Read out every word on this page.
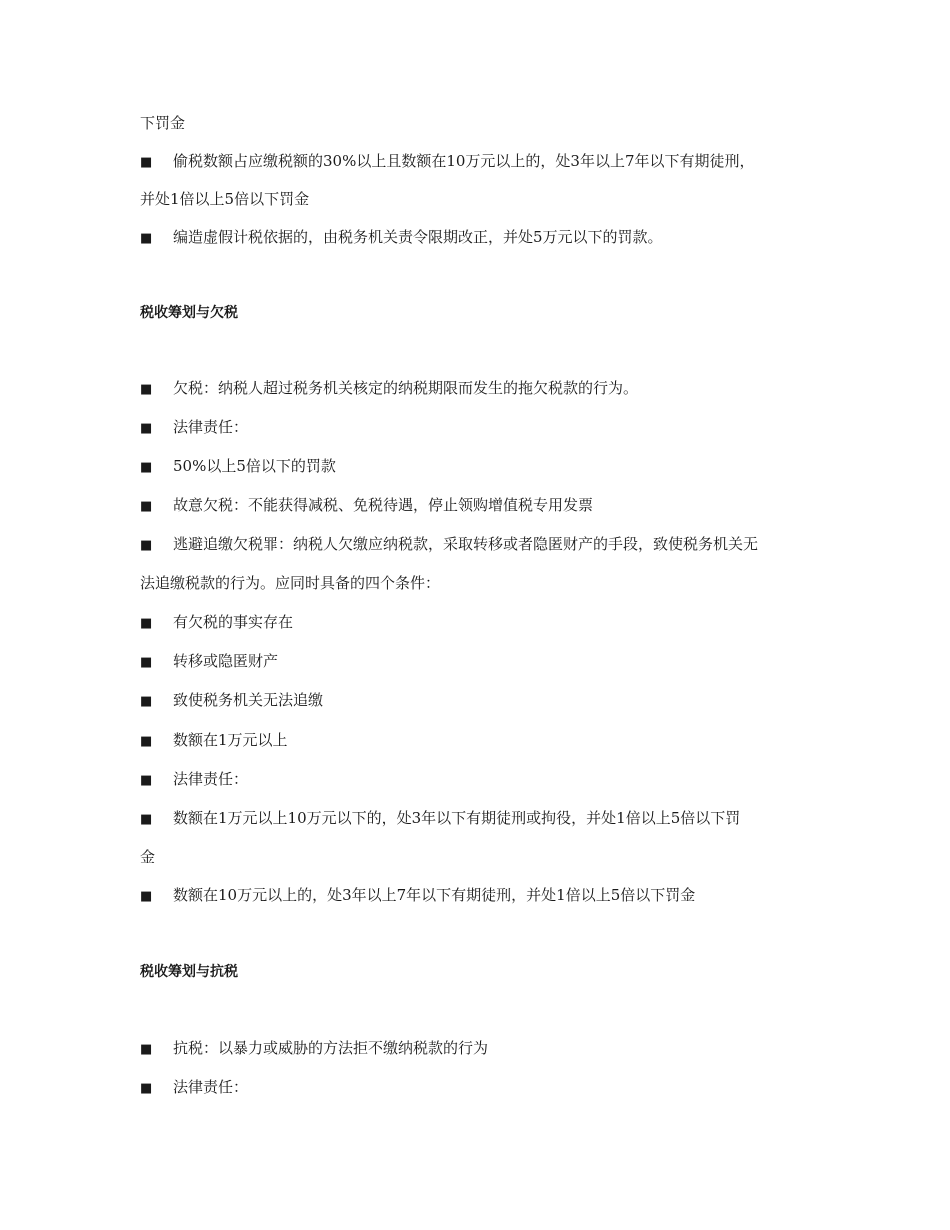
下罚金
■ 偷税数额占应缴税额的30%以上且数额在10万元以上的，处3年以上7年以下有期徒刑，
并处1倍以上5倍以下罚金
■ 编造虚假计税依据的，由税务机关责令限期改正，并处5万元以下的罚款。
税收筹划与欠税
■ 欠税：纳税人超过税务机关核定的纳税期限而发生的拖欠税款的行为。
■ 法律责任：
■ 50%以上5倍以下的罚款
■ 故意欠税：不能获得减税、免税待遇，停止领购增值税专用发票
■ 逃避追缴欠税罪：纳税人欠缴应纳税款，采取转移或者隐匿财产的手段，致使税务机关无
法追缴税款的行为。应同时具备的四个条件：
■ 有欠税的事实存在
■ 转移或隐匿财产
■ 致使税务机关无法追缴
■ 数额在1万元以上
■ 法律责任：
■ 数额在1万元以上10万元以下的，处3年以下有期徒刑或拘役，并处1倍以上5倍以下罚
金
■ 数额在10万元以上的，处3年以上7年以下有期徒刑，并处1倍以上5倍以下罚金
税收筹划与抗税
■ 抗税：以暴力或威胁的方法拒不缴纳税款的行为
■ 法律责任：
